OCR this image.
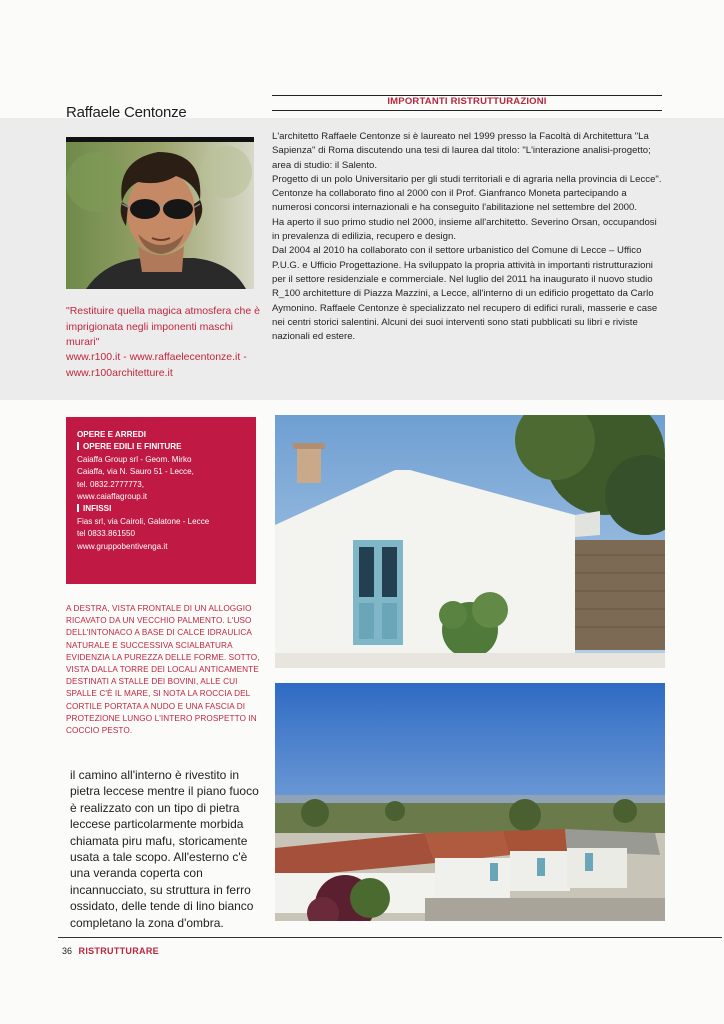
Raffaele Centonze
IMPORTANTI RISTRUTTURAZIONI
"Restituire quella magica atmosfera che è imprigionata negli imponenti maschi murari"
www.r100.it - www.raffaelecentonze.it - www.r100architetture.it

L'architetto Raffaele Centonze si è laureato nel 1999 presso la Facoltà di Architettura "La Sapienza" di Roma discutendo una tesi di laurea dal titolo: "L'interazione analisi-progetto; area di studio: il Salento.

Progetto di un polo Universitario per gli studi territoriali e di agraria nella provincia di Lecce". Centonze ha collaborato fino al 2000 con il Prof. Gianfranco Moneta partecipando a numerosi concorsi internazionali e ha conseguito l'abilitazione nel settembre del 2000.

Ha aperto il suo primo studio nel 2000, insieme all'architetto. Severino Orsan, occupandosi in prevalenza di edilizia, recupero e design.

Dal 2004 al 2010 ha collaborato con il settore urbanistico del Comune di Lecce – Uffico P.U.G. e Ufficio Progettazione. Ha sviluppato la propria attività in importanti ristrutturazioni per il settore residenziale e commerciale. Nel luglio del 2011 ha inaugurato il nuovo studio R_100 architetture di Piazza Mazzini, a Lecce, all'interno di un edificio progettato da Carlo Aymonino. Raffaele Centonze è specializzato nel recupero di edifici rurali, masserie e case nei centri storici salentini. Alcuni dei suoi interventi sono stati pubblicati su libri e riviste nazionali ed estere.

OPERE E ARREDI
OPERE EDILI E FINITURE
Caiaffa Group srl - Geom. Mirko
Caiaffa, via N. Sauro 51 - Lecce,
tel. 0832.2777773,
www.caiaffagroup.it
INFISSI
Fias srl, via Cairoli, Galatone - Lecce
tel 0833.861550
www.gruppobentivenga.it
A DESTRA, VISTA FRONTALE DI UN ALLOGGIO RICAVATO DA UN VECCHIO PALMENTO. L'USO DELL'INTONACO A BASE DI CALCE IDRAULICA NATURALE E SUCCESSIVA SCIALBATURA EVIDENZIA LA PUREZZA DELLE FORME. SOTTO, VISTA DALLA TORRE DEI LOCALI ANTICAMENTE DESTINATI A STALLE DEI BOVINI, ALLE CUI SPALLE C'È IL MARE, SI NOTA LA ROCCIA DEL CORTILE PORTATA A NUDO E UNA FASCIA DI PROTEZIONE LUNGO L'INTERO PROSPETTO IN COCCIO PESTO.
il camino all'interno è rivestito in pietra leccese mentre il piano fuoco è realizzato con un tipo di pietra leccese particolarmente morbida chiamata piru mafu, storicamente usata a tale scopo. All'esterno c'è una veranda coperta con incannucciato, su struttura in ferro ossidato, delle tende di lino bianco completano la zona d'ombra.
36 RISTRUTTURARE
